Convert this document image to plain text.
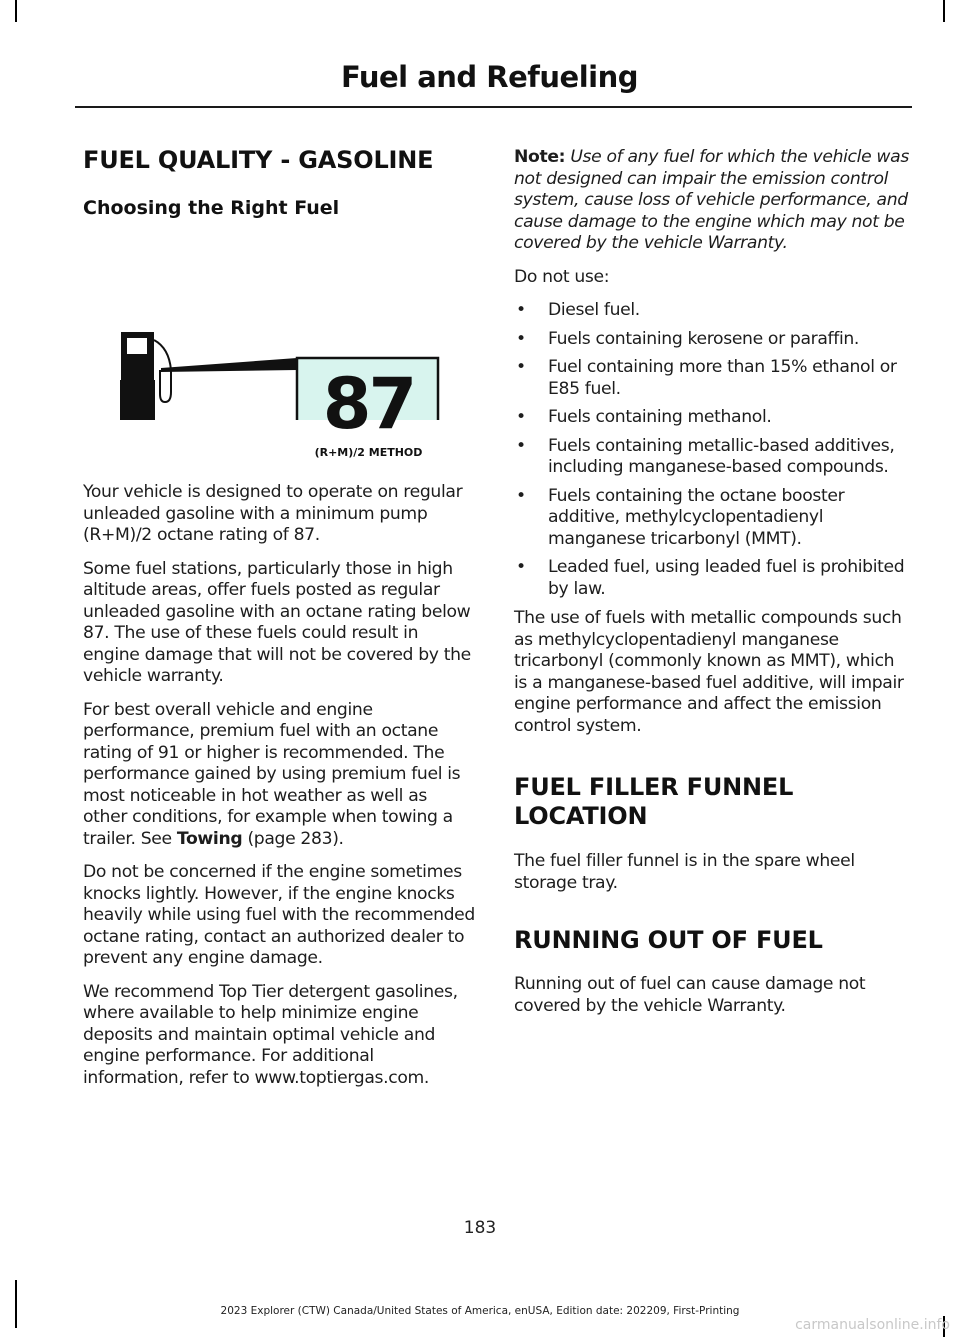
Fuel and Refueling
FUEL QUALITY - GASOLINE
Choosing the Right Fuel
87
(R+M)/2 METHOD

Your vehicle is designed to operate on regular unleaded gasoline with a minimum pump (R+M)/2 octane rating of 87.

Some fuel stations, particularly those in high altitude areas, offer fuels posted as regular unleaded gasoline with an octane rating below 87. The use of these fuels could result in engine damage that will not be covered by the vehicle warranty.

For best overall vehicle and engine performance, premium fuel with an octane rating of 91 or higher is recommended. The performance gained by using premium fuel is most noticeable in hot weather as well as other conditions, for example when towing a trailer. See Towing (page 283).

Do not be concerned if the engine sometimes knocks lightly. However, if the engine knocks heavily while using fuel with the recommended octane rating, contact an authorized dealer to prevent any engine damage.

We recommend Top Tier detergent gasolines, where available to help minimize engine deposits and maintain optimal vehicle and engine performance. For additional information, refer to www.toptiergas.com.

Note: Use of any fuel for which the vehicle was not designed can impair the emission control system, cause loss of vehicle performance, and cause damage to the engine which may not be covered by the vehicle Warranty.

Do not use:

• Diesel fuel.
• Fuels containing kerosene or paraffin.
• Fuel containing more than 15% ethanol or E85 fuel.
• Fuels containing methanol.
• Fuels containing metallic-based additives, including manganese-based compounds.
• Fuels containing the octane booster additive, methylcyclopentadienyl manganese tricarbonyl (MMT).
• Leaded fuel, using leaded fuel is prohibited by law.

The use of fuels with metallic compounds such as methylcyclopentadienyl manganese tricarbonyl (commonly known as MMT), which is a manganese-based fuel additive, will impair engine performance and affect the emission control system.

FUEL FILLER FUNNEL
LOCATION

The fuel filler funnel is in the spare wheel storage tray.

RUNNING OUT OF FUEL

Running out of fuel can cause damage not covered by the vehicle Warranty.

183
2023 Explorer (CTW) Canada/United States of America, enUSA, Edition date: 202209, First-Printing
carmanualsonline.info
